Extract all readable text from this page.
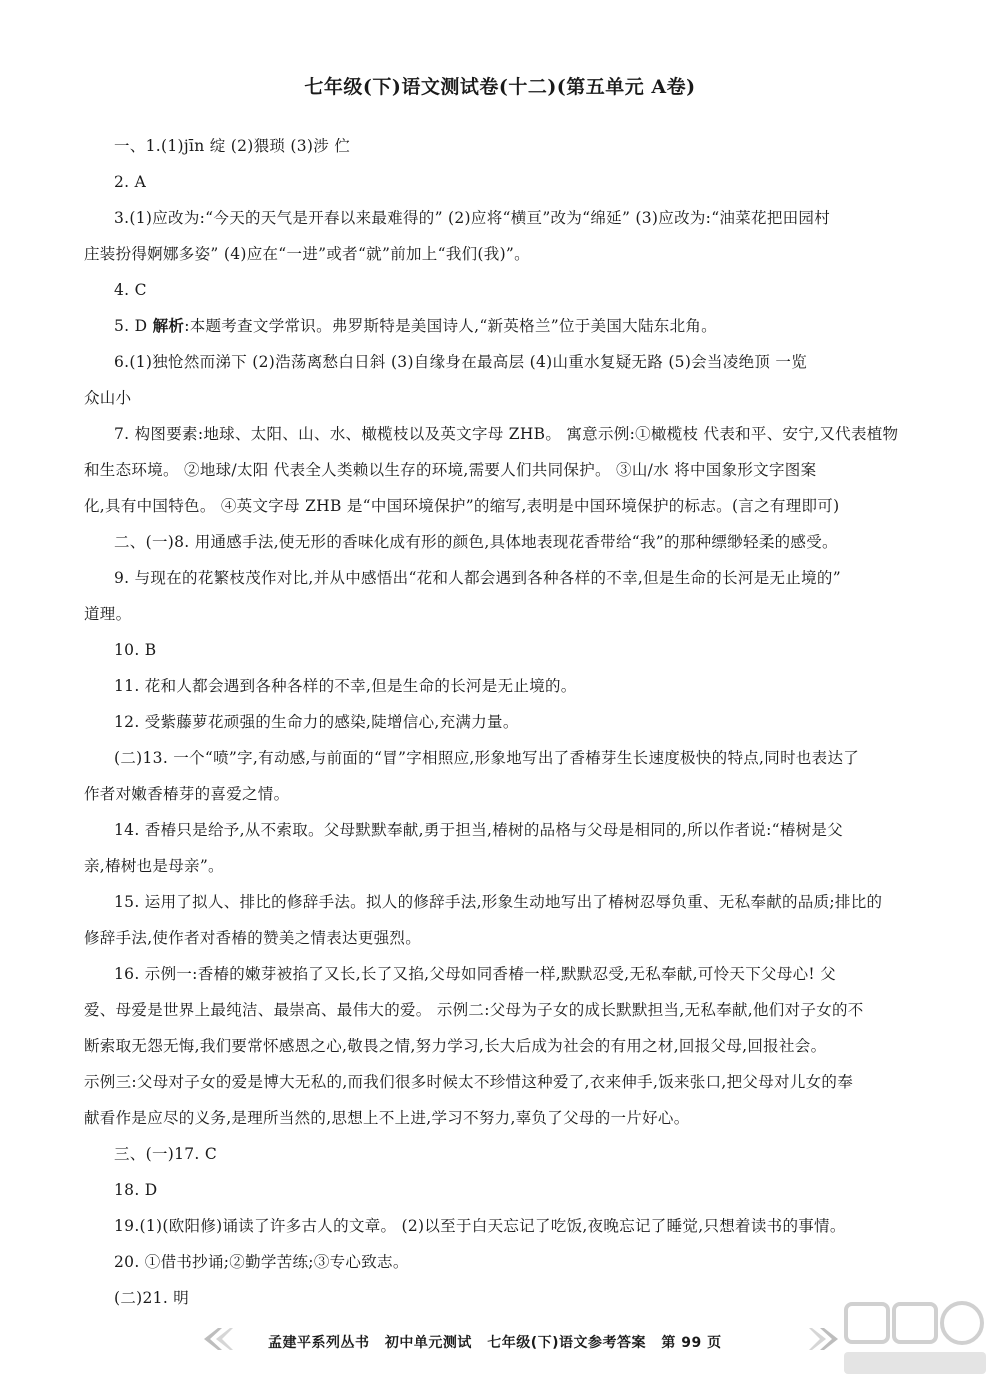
七年级(下)语文测试卷(十二)(第五单元 A卷)

一、1.(1)jīn 绽 (2)猥琐 (3)涉 伫

2. A

3.(1)应改为:“今天的天气是开春以来最难得的” (2)应将“横亘”改为“绵延” (3)应改为:“油菜花把田园村

庄装扮得婀娜多姿” (4)应在“一进”或者“就”前加上“我们(我)”。

4. C

5. D 解析:本题考查文学常识。弗罗斯特是美国诗人,“新英格兰”位于美国大陆东北角。

6.(1)独怆然而涕下 (2)浩荡离愁白日斜 (3)自缘身在最高层 (4)山重水复疑无路 (5)会当凌绝顶 一览

众山小

7. 构图要素:地球、太阳、山、水、橄榄枝以及英文字母 ZHB。 寓意示例:①橄榄枝 代表和平、安宁,又代表植物

和生态环境。 ②地球/太阳 代表全人类赖以生存的环境,需要人们共同保护。 ③山/水 将中国象形文字图案

化,具有中国特色。 ④英文字母 ZHB 是“中国环境保护”的缩写,表明是中国环境保护的标志。(言之有理即可)

二、(一)8. 用通感手法,使无形的香味化成有形的颜色,具体地表现花香带给“我”的那种缥缈轻柔的感受。

9. 与现在的花繁枝茂作对比,并从中感悟出“花和人都会遇到各种各样的不幸,但是生命的长河是无止境的”

道理。

10. B

11. 花和人都会遇到各种各样的不幸,但是生命的长河是无止境的。

12. 受紫藤萝花顽强的生命力的感染,陡增信心,充满力量。

(二)13. 一个“喷”字,有动感,与前面的“冒”字相照应,形象地写出了香椿芽生长速度极快的特点,同时也表达了

作者对嫩香椿芽的喜爱之情。

14. 香椿只是给予,从不索取。父母默默奉献,勇于担当,椿树的品格与父母是相同的,所以作者说:“椿树是父

亲,椿树也是母亲”。

15. 运用了拟人、排比的修辞手法。拟人的修辞手法,形象生动地写出了椿树忍辱负重、无私奉献的品质;排比的

修辞手法,使作者对香椿的赞美之情表达更强烈。

16. 示例一:香椿的嫩芽被掐了又长,长了又掐,父母如同香椿一样,默默忍受,无私奉献,可怜天下父母心! 父

爱、母爱是世界上最纯洁、最崇高、最伟大的爱。 示例二:父母为子女的成长默默担当,无私奉献,他们对子女的不

断索取无怨无悔,我们要常怀感恩之心,敬畏之情,努力学习,长大后成为社会的有用之材,回报父母,回报社会。

示例三:父母对子女的爱是博大无私的,而我们很多时候太不珍惜这种爱了,衣来伸手,饭来张口,把父母对儿女的奉

献看作是应尽的义务,是理所当然的,思想上不上进,学习不努力,辜负了父母的一片好心。

三、(一)17. C

18. D

19.(1)(欧阳修)诵读了许多古人的文章。 (2)以至于白天忘记了吃饭,夜晚忘记了睡觉,只想着读书的事情。

20. ①借书抄诵;②勤学苦练;③专心致志。

(二)21. 明

孟建平系列丛书 初中单元测试 七年级(下)语文参考答案 第 99 页
